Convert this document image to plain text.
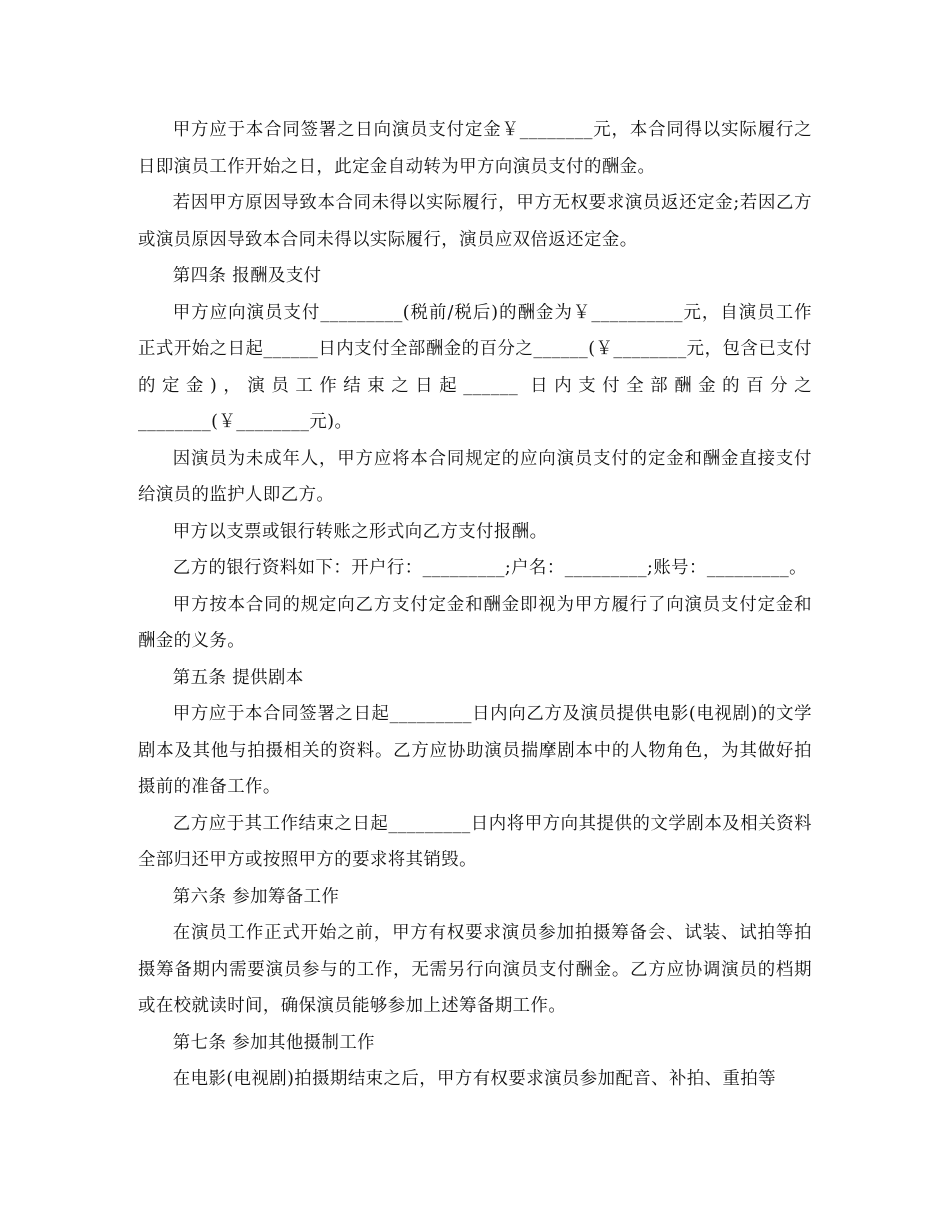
甲方应于本合同签署之日向演员支付定金￥________元，本合同得以实际履行之日即演员工作开始之日，此定金自动转为甲方向演员支付的酬金。

若因甲方原因导致本合同未得以实际履行，甲方无权要求演员返还定金;若因乙方或演员原因导致本合同未得以实际履行，演员应双倍返还定金。

第四条 报酬及支付

甲方应向演员支付_________(税前/税后)的酬金为￥__________元，自演员工作正式开始之日起______日内支付全部酬金的百分之______(￥________元，包含已支付的定金)，演员工作结束之日起______ 日内支付全部酬金的百分之________(￥________元)。

因演员为未成年人，甲方应将本合同规定的应向演员支付的定金和酬金直接支付给演员的监护人即乙方。

甲方以支票或银行转账之形式向乙方支付报酬。

乙方的银行资料如下：开户行：_________;户名：_________;账号：_________。

甲方按本合同的规定向乙方支付定金和酬金即视为甲方履行了向演员支付定金和酬金的义务。

第五条 提供剧本

甲方应于本合同签署之日起_________日内向乙方及演员提供电影(电视剧)的文学剧本及其他与拍摄相关的资料。乙方应协助演员揣摩剧本中的人物角色，为其做好拍摄前的准备工作。

乙方应于其工作结束之日起_________日内将甲方向其提供的文学剧本及相关资料全部归还甲方或按照甲方的要求将其销毁。

第六条 参加筹备工作

在演员工作正式开始之前，甲方有权要求演员参加拍摄筹备会、试装、试拍等拍摄筹备期内需要演员参与的工作，无需另行向演员支付酬金。乙方应协调演员的档期或在校就读时间，确保演员能够参加上述筹备期工作。

第七条 参加其他摄制工作

在电影(电视剧)拍摄期结束之后，甲方有权要求演员参加配音、补拍、重拍等
